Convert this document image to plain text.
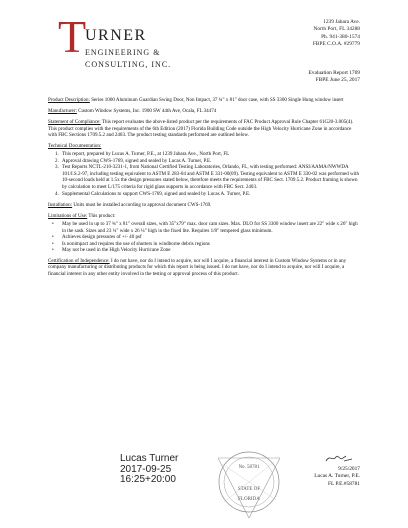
T
URNER
ENGINEERING &
CONSULTING, INC.
1239 Jabara Ave.
North Port, FL 34288
Ph. 941-380-1574
FBPE C.O.A. #29779
Evaluation Report 1769
FBPE June 25, 2017

Product Description: Series 1000 Aluminum Guardian Swing Door, Non Impact, 37 ¾" x 81" door case, with SS 3300 Single Hung window insert

Manufacturer: Custom Window Systems, Inc. 1900 SW 44th Ave, Ocala, FL 34474

Statement of Compliance: This report evaluates the above-listed product per the requirements of FAC Product Approval Rule Chapter 61G20-3.005(4). This product complies with the requirements of the 6th Edition (2017) Florida Building Code outside the High Velocity Hurricane Zone in accordance with FBC Sections 1709.5.2 and 2403. The product testing standards performed are outlined below.

Technical Documentation:

1. This report, prepared by Lucas A. Turner, P.E., at 1239 Jabara Ave., North Port, FL
2. Approval drawing CWS-1769, signed and sealed by Lucas A. Turner, P.E.
3. Test Reports NCTL-210-3231-1, from National Certified Testing Laboratories, Orlando, FL, with testing performed: ANSI/AAMA/NWWDA 101/I.S.2-97, including testing equivalent to ASTM E 283-04 and ASTM E 331-00(09). Testing equivalent to ASTM E 330-02 was performed with 10-second loads held at 1.5x the design pressures stated below, therefore meets the requirements of FBC Sect. 1709.5.2. Product framing is shown by calculation to meet L/175 criteria for rigid glass supports in accordance with FBC Sect. 2403.
4. Supplemental Calculations to support CWS-1769, signed and sealed by Lucas A. Turner, P.E.

Installation: Units must be installed according to approval document CWS-1769.

Limitations of Use: This product:

• May be used in up to 37 ¾" x 81" overall sizes, with 35"x79" max. door cam sizes. Max. DLO for SS 3300 window insert are 22" wide x 26" high in the sash. Sizes and 23 ¼" wide x 26 ¼" high in the fixed lite. Requires 1/8" tempered glass minimum.
• Achieves design pressures of +/- 40 psf
• Is nonimpact and requires the use of shutters in windborne debris regions
• May not be used in the High Velocity Hurricane Zone

Certification of Independence: I do not have, nor do I intend to acquire, nor will I acquire, a financial interest in Custom Window Systems or in any company manufacturing or distributing products for which this report is being issued. I do not have, nor do I intend to acquire, nor will I acquire, a financial interest in any other entity involved in the testing or approval process of this product.

Lucas Turner
2017-09-25
16:25+20:00
No. 58781
STATE OF
FLORIDA
9/25/2017
Lucas A. Turner, P.E.
FL P.E.#58781
